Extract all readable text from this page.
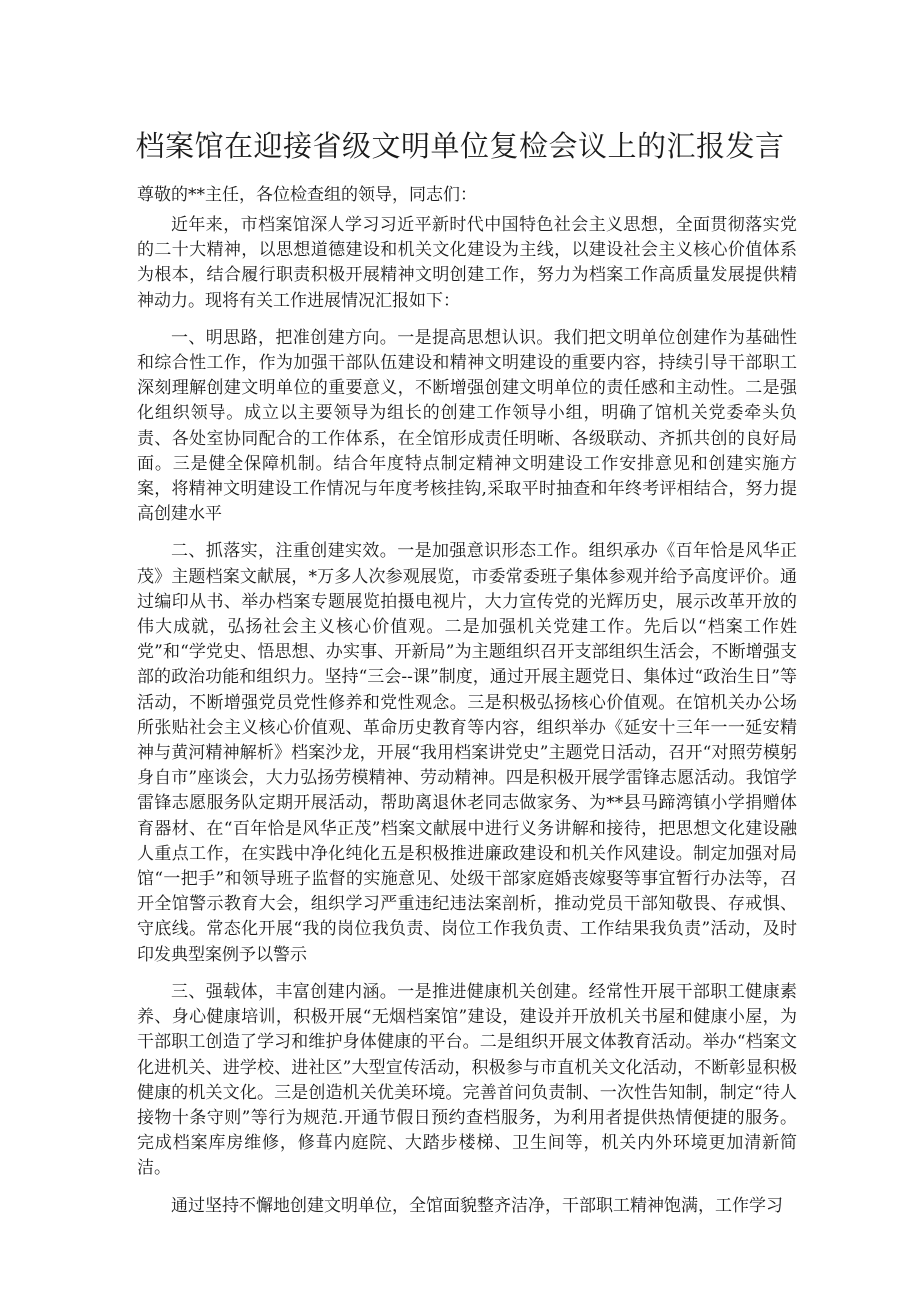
档案馆在迎接省级文明单位复检会议上的汇报发言

尊敬的**主任，各位检查组的领导，同志们：

近年来，市档案馆深人学习习近平新时代中国特色社会主义思想，全面贯彻落实党的二十大精神，以思想道德建设和机关文化建设为主线，以建设社会主义核心价值体系为根本，结合履行职责积极开展精神文明创建工作，努力为档案工作高质量发展提供精神动力。现将有关工作进展情况汇报如下：

一、明思路，把准创建方向。一是提高思想认识。我们把文明单位创建作为基础性和综合性工作，作为加强干部队伍建设和精神文明建设的重要内容，持续引导干部职工深刻理解创建文明单位的重要意义，不断增强创建文明单位的责任感和主动性。二是强化组织领导。成立以主要领导为组长的创建工作领导小组，明确了馆机关党委牵头负责、各处室协同配合的工作体系，在全馆形成责任明晰、各级联动、齐抓共创的良好局面。三是健全保障机制。结合年度特点制定精神文明建设工作安排意见和创建实施方案，将精神文明建设工作情况与年度考核挂钩,采取平时抽查和年终考评相结合，努力提高创建水平

二、抓落实，注重创建实效。一是加强意识形态工作。组织承办《百年恰是风华正茂》主题档案文献展，*万多人次参观展览，市委常委班子集体参观并给予高度评价。通过编印从书、举办档案专题展览拍摄电视片，大力宣传党的光辉历史，展示改革开放的伟大成就，弘扬社会主义核心价值观。二是加强机关党建工作。先后以“档案工作姓党”和“学党史、悟思想、办实事、开新局”为主题组织召开支部组织生活会，不断增强支部的政治功能和组织力。坚持“三会--课”制度，通过开展主题党日、集体过“政治生日”等活动，不断增强党员党性修养和党性观念。三是积极弘扬核心价值观。在馆机关办公场所张贴社会主义核心价值观、革命历史教育等内容，组织举办《延安十三年一一延安精神与黄河精神解析》档案沙龙，开展“我用档案讲党史”主题党日活动，召开“对照劳模躬身自市”座谈会，大力弘扬劳模精神、劳动精神。四是积极开展学雷锋志愿活动。我馆学雷锋志愿服务队定期开展活动，帮助离退休老同志做家务、为**县马蹄湾镇小学捐赠体育器材、在“百年恰是风华正茂”档案文献展中进行义务讲解和接待，把思想文化建设融人重点工作，在实践中净化纯化五是积极推进廉政建设和机关作风建设。制定加强对局馆“一把手”和领导班子监督的实施意见、处级干部家庭婚丧嫁娶等事宜暂行办法等，召开全馆警示教育大会，组织学习严重违纪违法案剖析，推动党员干部知敬畏、存戒惧、守底线。常态化开展“我的岗位我负责、岗位工作我负责、工作结果我负责”活动，及时印发典型案例予以警示

三、强载体，丰富创建内涵。一是推进健康机关创建。经常性开展干部职工健康素养、身心健康培训，积极开展“无烟档案馆”建设，建设并开放机关书屋和健康小屋，为干部职工创造了学习和维护身体健康的平台。二是组织开展文体教育活动。举办“档案文化进机关、进学校、进社区”大型宣传活动，积极参与市直机关文化活动，不断彰显积极健康的机关文化。三是创造机关优美环境。完善首问负责制、一次性告知制，制定“待人接物十条守则”等行为规范.开通节假日预约查档服务，为利用者提供热情便捷的服务。完成档案库房维修，修葺内庭院、大踏步楼梯、卫生间等，机关内外环境更加清新简洁。

通过坚持不懈地创建文明单位，全馆面貌整齐洁净，干部职工精神饱满，工作学习
